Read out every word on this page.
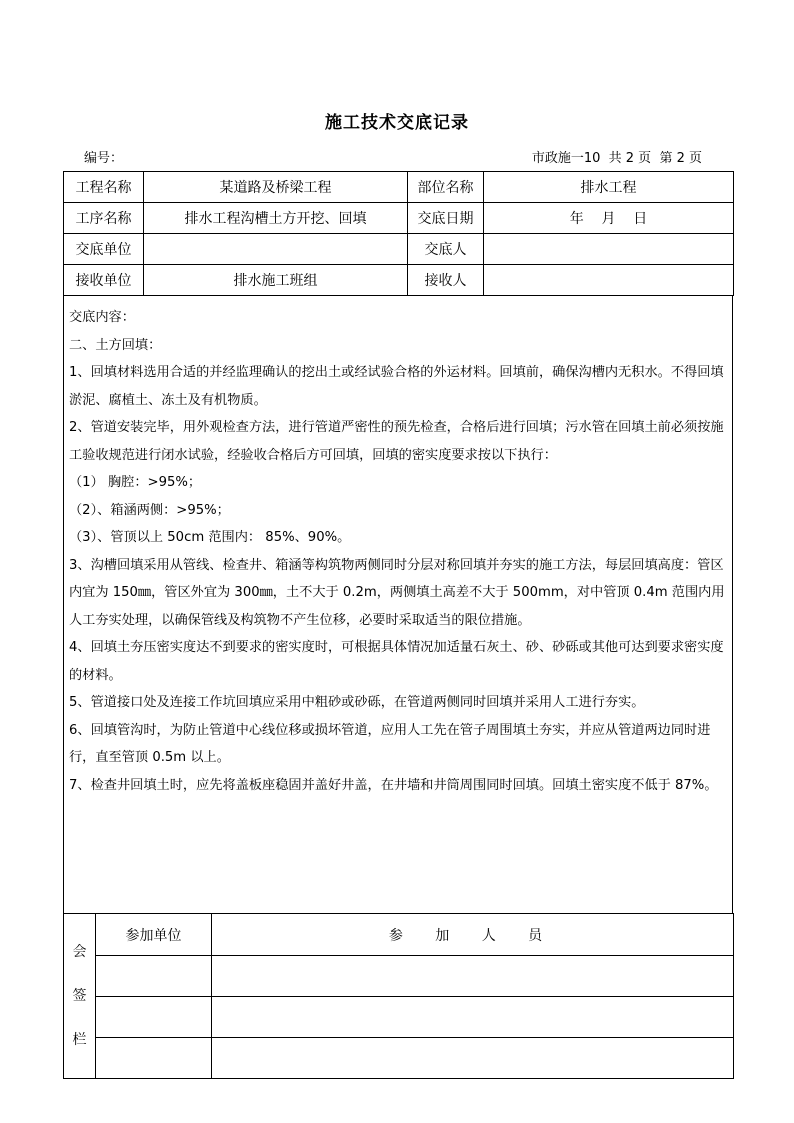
施工技术交底记录
编号：	市政施一10  共 2 页  第 2 页
工程名称	某道路及桥梁工程	部位名称	排水工程
工序名称	排水工程沟槽土方开挖、回填	交底日期	年    月    日
交底单位		交底人	
接收单位	排水施工班组	接收人	

交底内容：

二、土方回填：

1、回填材料选用合适的并经监理确认的挖出土或经试验合格的外运材料。回填前，确保沟槽内无积水。不得回填淤泥、腐植土、冻土及有机物质。

2、管道安装完毕，用外观检查方法，进行管道严密性的预先检查，合格后进行回填；污水管在回填土前必须按施工验收规范进行闭水试验，经验收合格后方可回填，回填的密实度要求按以下执行：

（1） 胸腔：>95%；

（2）、箱涵两侧：>95%；

（3）、管顶以上 50cm 范围内： 85%、90%。

3、沟槽回填采用从管线、检查井、箱涵等构筑物两侧同时分层对称回填并夯实的施工方法，每层回填高度：管区内宜为 150㎜，管区外宜为 300㎜，土不大于 0.2m，两侧填土高差不大于 500mm，对中管顶 0.4m 范围内用人工夯实处理，以确保管线及构筑物不产生位移，必要时采取适当的限位措施。

4、回填土夯压密实度达不到要求的密实度时，可根据具体情况加适量石灰土、砂、砂砾或其他可达到要求密实度的材料。

5、管道接口处及连接工作坑回填应采用中粗砂或砂砾，在管道两侧同时回填并采用人工进行夯实。

6、回填管沟时，为防止管道中心线位移或损坏管道，应用人工先在管子周围填土夯实，并应从管道两边同时进行，直至管顶 0.5m 以上。

7、检查井回填土时，应先将盖板座稳固并盖好井盖，在井墙和井筒周围同时回填。回填土密实度不低于 87%。

会
签
栏	参加单位	参 加 人 员
